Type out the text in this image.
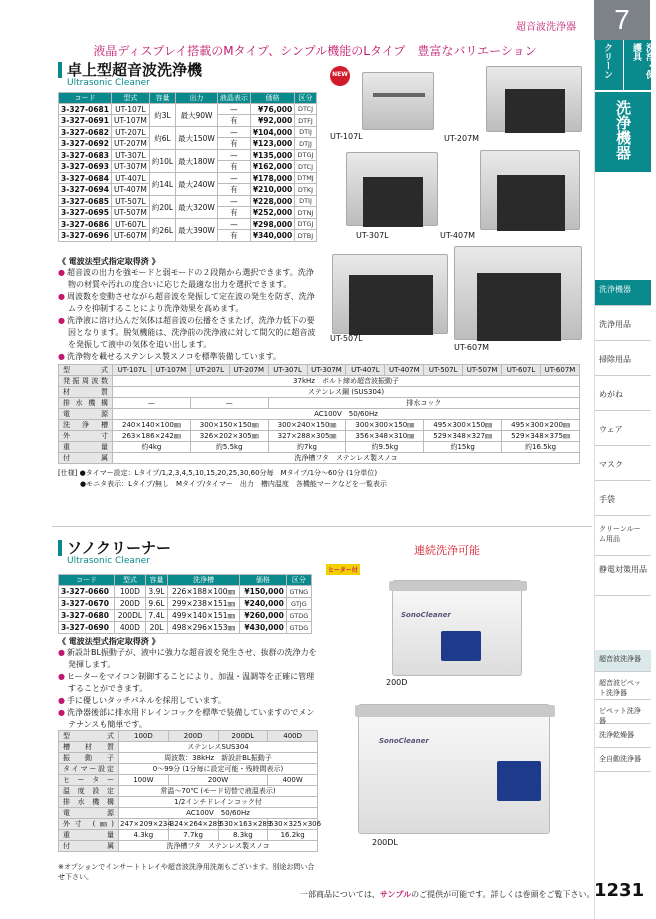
超音波洗浄器	7
クリーン	洗浄・保護具
洗浄機器
洗浄機器
洗浄用品
掃除用品
めがね
ウェア
マスク
手袋
クリーンルーム用品
静電対策用品
超音波洗浄器
超音波ピペット洗浄器
ピペット洗浄器
洗浄乾燥器
全自動洗浄器
液晶ディスプレイ搭載のMタイプ、シンプル機能のLタイプ　豊富なバリエーション
卓上型超音波洗浄機
Ultrasonic Cleaner
コード	型式	容量	出力	液晶表示	価格	区分
3-327-0681	UT-107L	約3L	最大90W	—	¥76,000	DTCJ
3-327-0691	UT-107M			有	¥92,000	DTFJ
3-327-0682	UT-207L	約6L	最大150W	—	¥104,000	DTIJ
3-327-0692	UT-207M			有	¥123,000	DTJJ
3-327-0683	UT-307L	約10L	最大180W	—	¥135,000	DTGJ
3-327-0693	UT-307M			有	¥162,000	DTCJ
3-327-0684	UT-407L	約14L	最大240W	—	¥178,000	DTMJ
3-327-0694	UT-407M			有	¥210,000	DTKJ
3-327-0685	UT-507L	約20L	最大320W	—	¥228,000	DTIJ
3-327-0695	UT-507M			有	¥252,000	DTNJ
3-327-0686	UT-607L	約26L	最大390W	—	¥298,000	DTGJ
3-327-0696	UT-607M			有	¥340,000	DTBJ
NEW
UT-107L	UT-207M
UT-307L	UT-407M
UT-507L
UT-607M
《 電波法型式指定取得済 》
● 超音波の出力を強モードと弱モードの２段階から選択できます。洗浄物の材質や汚れの度合いに応じた最適な出力を選択できます。
● 周波数を変動させながら超音波を発振して定在波の発生を防ぎ、洗浄ムラを抑制することにより洗浄効果を高めます。
● 洗浄液に溶け込んだ気体は超音波の伝播をさまたげ、洗浄力低下の要因となります。脱気機能は、洗浄前の洗浄液に対して間欠的に超音波を発振して液中の気体を追い出します。
● 洗浄物を載せるステンレス製スノコを標準装備しています。
型式	UT-107L	UT-107M	UT-207L	UT-207M	UT-307L	UT-307M	UT-407L	UT-407M	UT-507L	UT-507M	UT-607L	UT-607M
発振周波数	37kHz　ボルト締め超音波振動子											
材質	ステンレス鋼 (SUS304)											
排水機構	—		—		排水コック							
電源	AC100V　50/60Hz											
洗浄槽	240×140×100㎜		300×150×150㎜		300×240×150㎜		300×300×150㎜		495×300×150㎜		495×300×200㎜	
外寸	263×186×242㎜		326×202×305㎜		327×288×305㎜		356×348×310㎜		529×348×327㎜		529×348×375㎜	
重量	約4kg		約5.5kg		約7kg		約9.5kg		約15kg		約16.5kg	
付属	洗浄槽フタ　ステンレス製スノコ											
[仕様] ●タイマー設定：Lタイプ/1,2,3,4,5,10,15,20,25,30,60分毎　Mタイプ/1分～60分 (1分単位)
●モニタ表示：Lタイプ/無し　Mタイプ/タイマー　出力　槽内温度　各機能マークなどを一覧表示
ソノクリーナー
Ultrasonic Cleaner
連続洗浄可能
ヒーター付
コード	型式	容量	洗浄槽	価格	区分
3-327-0660	100D	3.9L	226×188×100㎜	¥150,000	GTNG
3-327-0670	200D	9.6L	299×238×151㎜	¥240,000	GTJG
3-327-0680	200DL	7.4L	499×140×151㎜	¥260,000	GTDG
3-327-0690	400D	20L	498×296×153㎜	¥430,000	GTDG
《 電波法型式指定取得済 》
● 新設計BL振動子が、液中に強力な超音波を発生させ、抜群の洗浄力を発揮します。
● ヒーターをマイコン制御することにより、加温・温調等を正確に管理することができます。
● 手に優しいタッチパネルを採用しています。
● 洗浄器後部に排水用ドレインコックを標準で装備していますのでメンテナンスも簡単です。
SonoCleaner
200D
SonoCleaner
200DL
型式	100D	200D	200DL	400D
槽材質	ステンレスSUS304			
振動子	周波数：38kHz　新設計BL振動子			
タイマー設定	0～99分 (1分毎に設定可能・残時間表示)			
ヒーター	100W	200W		400W
温度設定	常温～70℃ (モード切替で液温表示)			
排水機構	1/2インチドレインコック付			
電源	AC100V　50/60Hz			
外寸 (㎜)	247×209×234	324×264×289	530×163×289	530×325×306
重量	4.3kg	7.7kg	8.3kg	16.2kg
付属	洗浄槽フタ　ステンレス製スノコ			
※オプションでインサートトレイや超音波洗浄用洗剤もございます。別途お問い合せ下さい。
一部商品については、サンプルのご提供が可能です。詳しくは巻頭をご覧下さい。 1231
